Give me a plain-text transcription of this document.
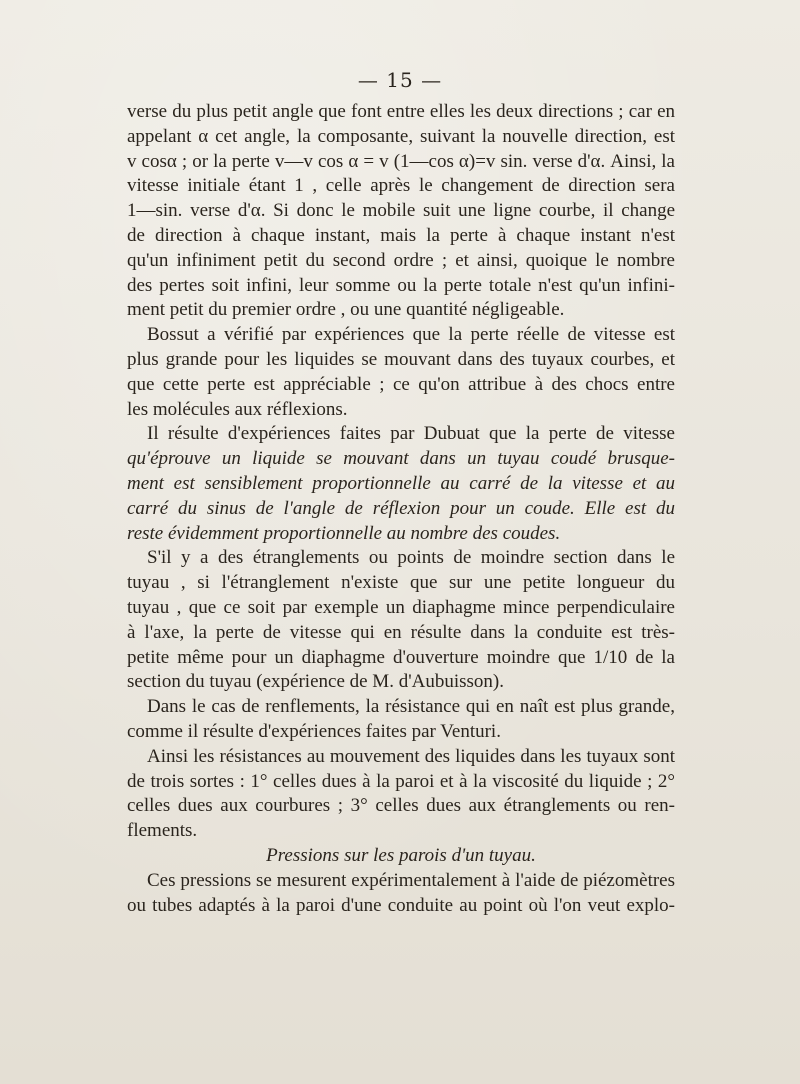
— 15 —
verse du plus petit angle que font entre elles les deux directions ; car en
appelant α cet angle, la composante, suivant la nouvelle direction, est
v cosα ; or la perte v—v cos α = v (1—cos α)=v sin. verse d'α. Ainsi, la
vitesse initiale étant 1 , celle après le changement de direction sera
1—sin. verse d'α. Si donc le mobile suit une ligne courbe, il change
de direction à chaque instant, mais la perte à chaque instant n'est
qu'un infiniment petit du second ordre ; et ainsi, quoique le nombre
des pertes soit infini, leur somme ou la perte totale n'est qu'un infini-
ment petit du premier ordre , ou une quantité négligeable.
Bossut a vérifié par expériences que la perte réelle de vitesse est
plus grande pour les liquides se mouvant dans des tuyaux courbes, et
que cette perte est appréciable ; ce qu'on attribue à des chocs entre
les molécules aux réflexions.
Il résulte d'expériences faites par Dubuat que la perte de vitesse
qu'éprouve un liquide se mouvant dans un tuyau coudé brusque-
ment est sensiblement proportionnelle au carré de la vitesse et au
carré du sinus de l'angle de réflexion pour un coude. Elle est du
reste évidemment proportionnelle au nombre des coudes.
S'il y a des étranglements ou points de moindre section dans le
tuyau , si l'étranglement n'existe que sur une petite longueur du
tuyau , que ce soit par exemple un diaphagme mince perpendiculaire
à l'axe, la perte de vitesse qui en résulte dans la conduite est très-
petite même pour un diaphagme d'ouverture moindre que 1/10 de la
section du tuyau (expérience de M. d'Aubuisson).
Dans le cas de renflements, la résistance qui en naît est plus grande,
comme il résulte d'expériences faites par Venturi.
Ainsi les résistances au mouvement des liquides dans les tuyaux sont
de trois sortes : 1° celles dues à la paroi et à la viscosité du liquide ; 2°
celles dues aux courbures ; 3° celles dues aux étranglements ou ren-
flements.
Pressions sur les parois d'un tuyau.
Ces pressions se mesurent expérimentalement à l'aide de piézomètres
ou tubes adaptés à la paroi d'une conduite au point où l'on veut explo-
